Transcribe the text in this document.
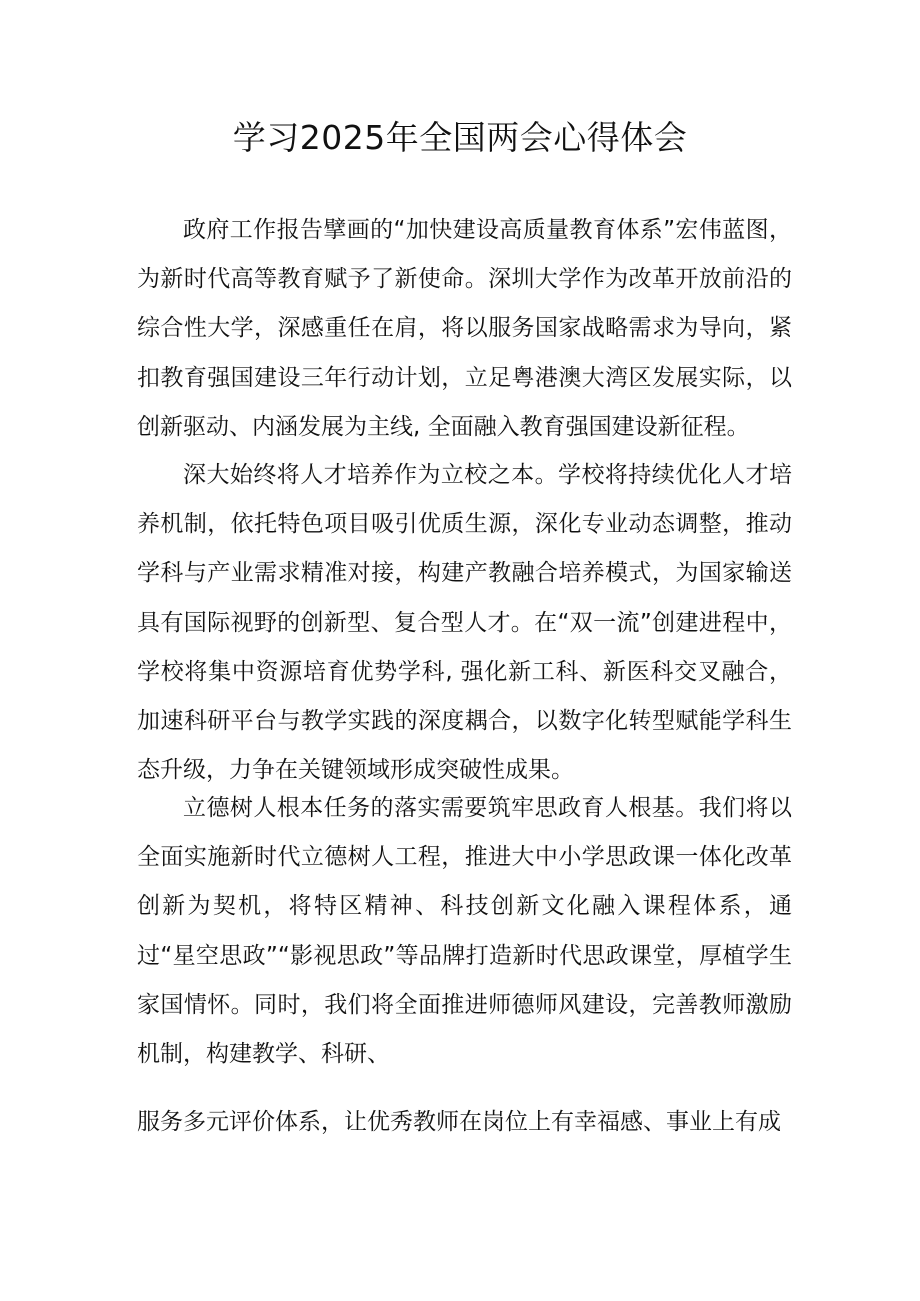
学习2025年全国两会心得体会
政府工作报告擘画的“加快建设高质量教育体系”宏伟蓝图，为新时代高等教育赋予了新使命。深圳大学作为改革开放前沿的综合性大学，深感重任在肩，将以服务国家战略需求为导向，紧扣教育强国建设三年行动计划，立足粤港澳大湾区发展实际，以创新驱动、内涵发展为主线, 全面融入教育强国建设新征程。
深大始终将人才培养作为立校之本。学校将持续优化人才培养机制，依托特色项目吸引优质生源，深化专业动态调整，推动学科与产业需求精准对接，构建产教融合培养模式，为国家输送具有国际视野的创新型、复合型人才。在“双一流”创建进程中，学校将集中资源培育优势学科, 强化新工科、新医科交叉融合，加速科研平台与教学实践的深度耦合，以数字化转型赋能学科生态升级，力争在关键领域形成突破性成果。
立德树人根本任务的落实需要筑牢思政育人根基。我们将以全面实施新时代立德树人工程，推进大中小学思政课一体化改革创新为契机，将特区精神、科技创新文化融入课程体系，通过“星空思政”“影视思政”等品牌打造新时代思政课堂，厚植学生家国情怀。同时，我们将全面推进师德师风建设，完善教师激励机制，构建教学、科研、
服务多元评价体系，让优秀教师在岗位上有幸福感、事业上有成
